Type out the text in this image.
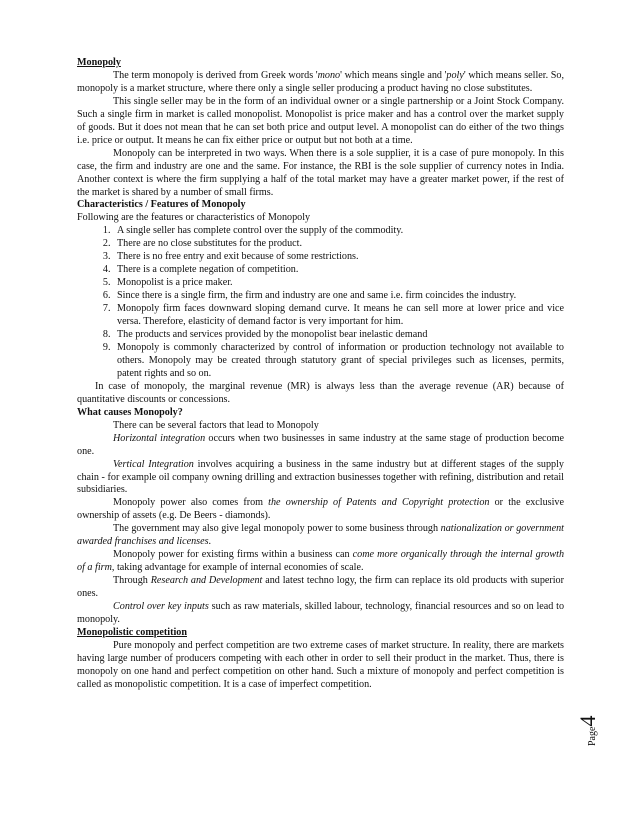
Monopoly

The term monopoly is derived from Greek words 'mono' which means single and 'poly' which means seller. So, monopoly is a market structure, where there only a single seller producing a product having no close substitutes.

This single seller may be in the form of an individual owner or a single partnership or a Joint Stock Company. Such a single firm in market is called monopolist. Monopolist is price maker and has a control over the market supply of goods. But it does not mean that he can set both price and output level. A monopolist can do either of the two things i.e. price or output. It means he can fix either price or output but not both at a time.

Monopoly can be interpreted in two ways. When there is a sole supplier, it is a case of pure monopoly. In this case, the firm and industry are one and the same. For instance, the RBI is the sole supplier of currency notes in India. Another context is where the firm supplying a half of the total market may have a greater market power, if the rest of the market is shared by a number of small firms.

Characteristics / Features of Monopoly

Following are the features or characteristics of Monopoly

1. A single seller has complete control over the supply of the commodity.
2. There are no close substitutes for the product.
3. There is no free entry and exit because of some restrictions.
4. There is a complete negation of competition.
5. Monopolist is a price maker.
6. Since there is a single firm, the firm and industry are one and same i.e. firm coincides the industry.
7. Monopoly firm faces downward sloping demand curve. It means he can sell more at lower price and vice versa. Therefore, elasticity of demand factor is very important for him.
8. The products and services provided by the monopolist bear inelastic demand
9. Monopoly is commonly characterized by control of information or production technology not available to others. Monopoly may be created through statutory grant of special privileges such as licenses, permits, patent rights and so on.

In case of monopoly, the marginal revenue (MR) is always less than the average revenue (AR) because of quantitative discounts or concessions.

What causes Monopoly?

There can be several factors that lead to Monopoly

Horizontal integration occurs when two businesses in same industry at the same stage of production become one.

Vertical Integration involves acquiring a business in the same industry but at different stages of the supply chain - for example oil company owning drilling and extraction businesses together with refining, distribution and retail subsidiaries.

Monopoly power also comes from the ownership of Patents and Copyright protection or the exclusive ownership of assets (e.g. De Beers - diamonds).

The government may also give legal monopoly power to some business through nationalization or government awarded franchises and licenses.

Monopoly power for existing firms within a business can come more organically through the internal growth of a firm, taking advantage for example of internal economies of scale.

Through Research and Development and latest techno logy, the firm can replace its old products with superior ones.

Control over key inputs such as raw materials, skilled labour, technology, financial resources and so on lead to monopoly.

Monopolistic competition

Pure monopoly and perfect competition are two extreme cases of market structure. In reality, there are markets having large number of producers competing with each other in order to sell their product in the market. Thus, there is monopoly on one hand and perfect competition on other hand. Such a mixture of monopoly and perfect competition is called as monopolistic competition. It is a case of imperfect competition.

Page4
